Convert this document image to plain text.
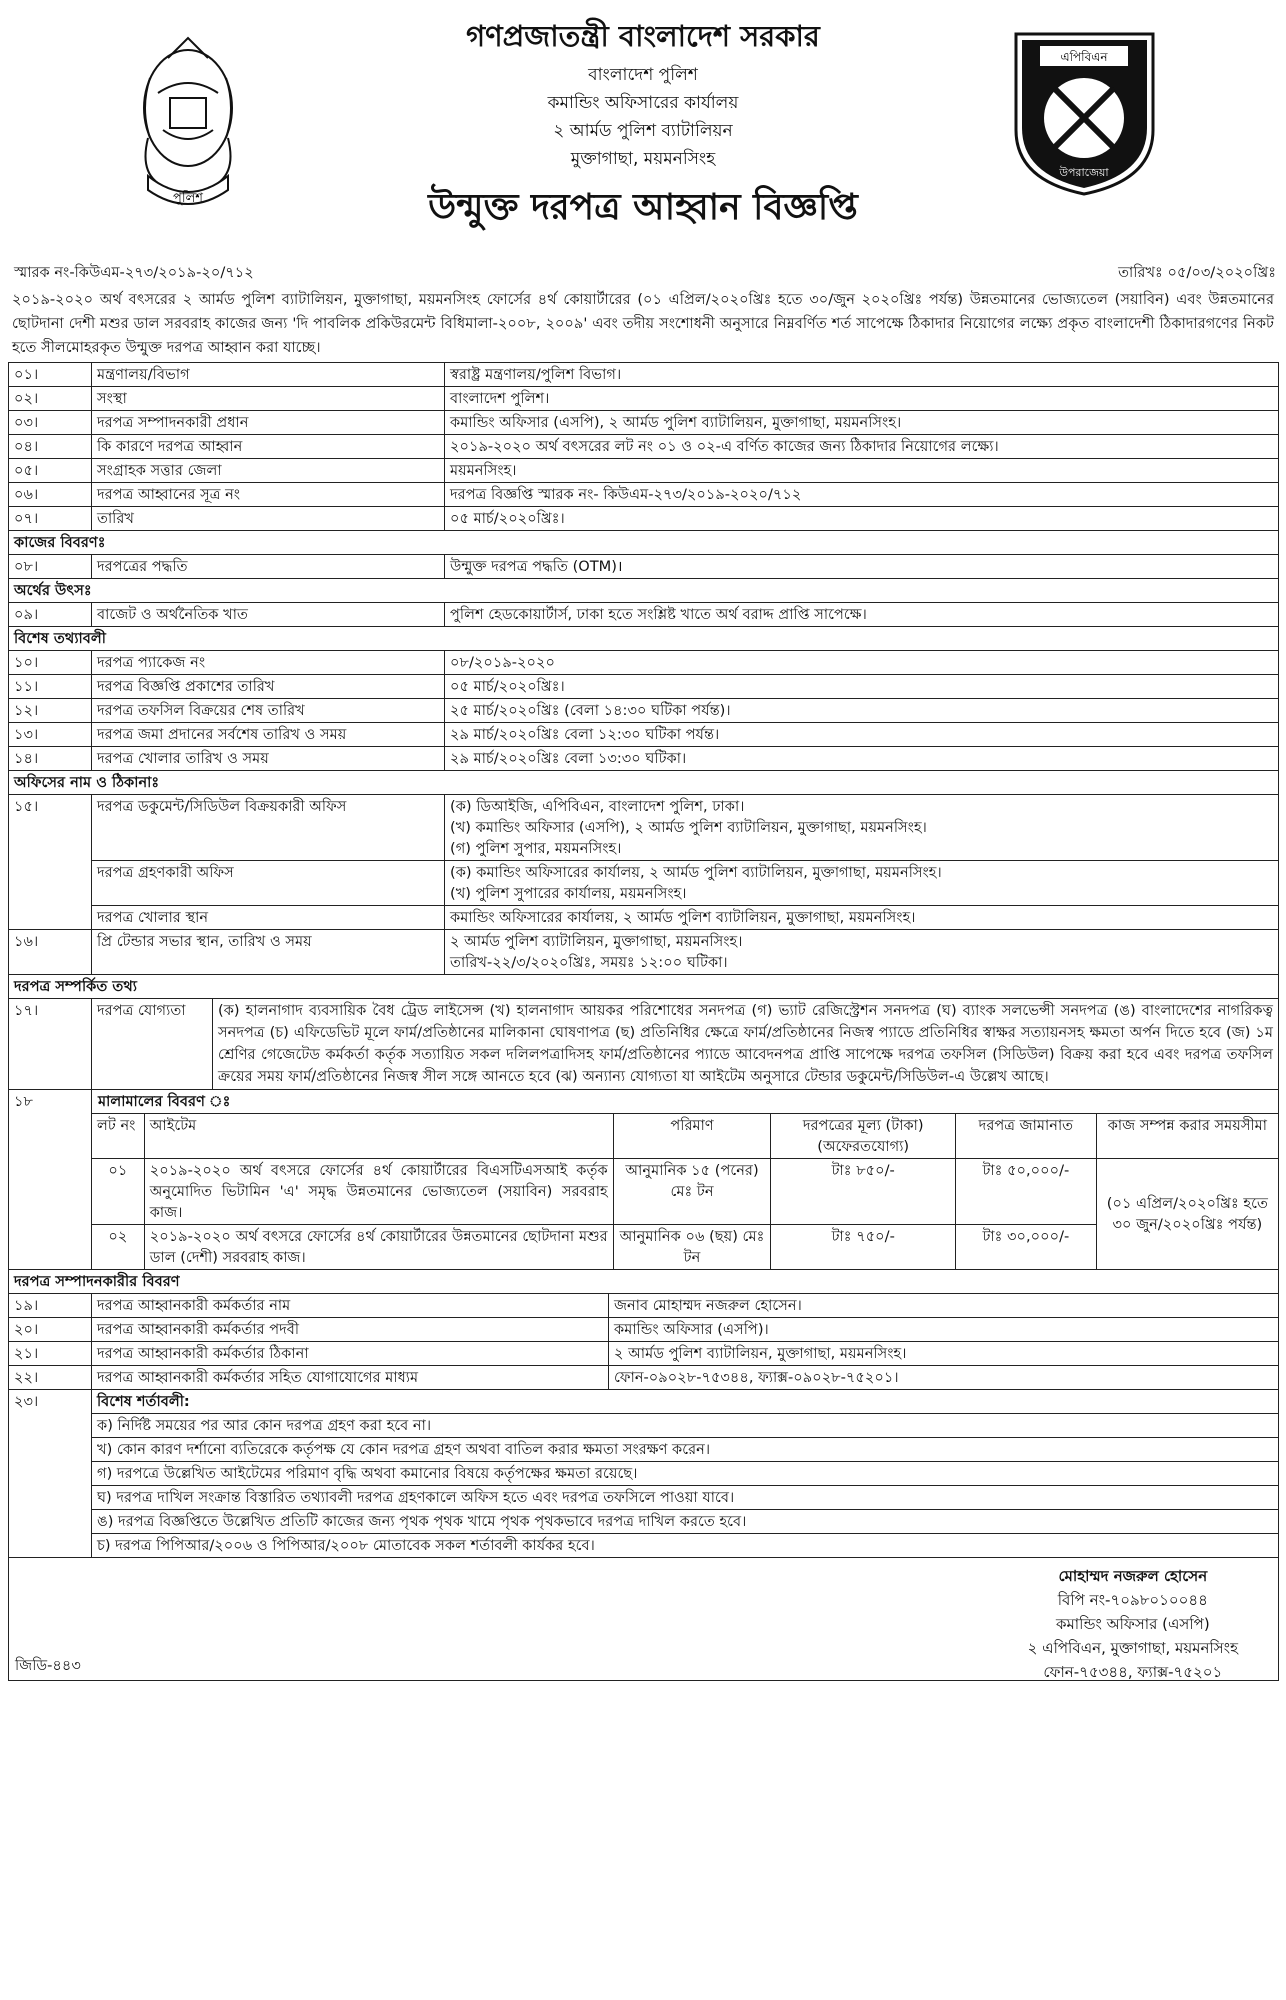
পুলিশ
এপিবিএন
উপরাজেয়া
গণপ্রজাতন্ত্রী বাংলাদেশ সরকার
বাংলাদেশ পুলিশ
কমান্ডিং অফিসারের কার্যালয়
২ আর্মড পুলিশ ব্যাটালিয়ন
মুক্তাগাছা, ময়মনসিংহ
উন্মুক্ত দরপত্র আহ্বান বিজ্ঞপ্তি
স্মারক নং-কিউএম-২৭৩/২০১৯-২০/৭১২	তারিখঃ ০৫/০৩/২০২০খ্রিঃ
২০১৯-২০২০ অর্থ বৎসরের ২ আর্মড পুলিশ ব্যাটালিয়ন, মুক্তাগাছা, ময়মনসিংহ ফোর্সের ৪র্থ কোয়ার্টারের (০১ এপ্রিল/২০২০খ্রিঃ হতে ৩০/জুন ২০২০খ্রিঃ পর্যন্ত) উন্নতমানের ভোজ্যতেল (সয়াবিন) এবং উন্নতমানের ছোটদানা দেশী মশুর ডাল সরবরাহ কাজের জন্য 'দি পাবলিক প্রকিউরমেন্ট বিধিমালা-২০০৮, ২০০৯' এবং তদীয় সংশোধনী অনুসারে নিম্নবর্ণিত শর্ত সাপেক্ষে ঠিকাদার নিয়োগের লক্ষ্যে প্রকৃত বাংলাদেশী ঠিকাদারগণের নিকট হতে সীলমোহরকৃত উন্মুক্ত দরপত্র আহ্বান করা যাচ্ছে।
০১।	মন্ত্রণালয়/বিভাগ	স্বরাষ্ট্র মন্ত্রণালয়/পুলিশ বিভাগ।
০২।	সংস্থা	বাংলাদেশ পুলিশ।
০৩।	দরপত্র সম্পাদনকারী প্রধান	কমান্ডিং অফিসার (এসপি), ২ আর্মড পুলিশ ব্যাটালিয়ন, মুক্তাগাছা, ময়মনসিংহ।
০৪।	কি কারণে দরপত্র আহ্বান	২০১৯-২০২০ অর্থ বৎসরের লট নং ০১ ও ০২-এ বর্ণিত কাজের জন্য ঠিকাদার নিয়োগের লক্ষ্যে।
০৫।	সংগ্রাহক সত্তার জেলা	ময়মনসিংহ।
০৬।	দরপত্র আহ্বানের সূত্র নং	দরপত্র বিজ্ঞপ্তি স্মারক নং- কিউএম-২৭৩/২০১৯-২০২০/৭১২
০৭।	তারিখ	০৫ মার্চ/২০২০খ্রিঃ।
কাজের বিবরণঃ
০৮।	দরপত্রের পদ্ধতি	উন্মুক্ত দরপত্র পদ্ধতি (OTM)।
অর্থের উৎসঃ
০৯।	বাজেট ও অর্থনৈতিক খাত	পুলিশ হেডকোয়ার্টার্স, ঢাকা হতে সংশ্লিষ্ট খাতে অর্থ বরাদ্দ প্রাপ্তি সাপেক্ষে।
বিশেষ তথ্যাবলী
১০।	দরপত্র প্যাকেজ নং	০৮/২০১৯-২০২০
১১।	দরপত্র বিজ্ঞপ্তি প্রকাশের তারিখ	০৫ মার্চ/২০২০খ্রিঃ।
১২।	দরপত্র তফসিল বিক্রয়ের শেষ তারিখ	২৫ মার্চ/২০২০খ্রিঃ (বেলা ১৪:৩০ ঘটিকা পর্যন্ত)।
১৩।	দরপত্র জমা প্রদানের সর্বশেষ তারিখ ও সময়	২৯ মার্চ/২০২০খ্রিঃ বেলা ১২:৩০ ঘটিকা পর্যন্ত।
১৪।	দরপত্র খোলার তারিখ ও সময়	২৯ মার্চ/২০২০খ্রিঃ বেলা ১৩:৩০ ঘটিকা।
অফিসের নাম ও ঠিকানাঃ
১৫।	দরপত্র ডকুমেন্ট/সিডিউল বিক্রয়কারী অফিস	(ক) ডিআইজি, এপিবিএন, বাংলাদেশ পুলিশ, ঢাকা।
(খ) কমান্ডিং অফিসার (এসপি), ২ আর্মড পুলিশ ব্যাটালিয়ন, মুক্তাগাছা, ময়মনসিংহ।
(গ) পুলিশ সুপার, ময়মনসিংহ।

দরপত্র গ্রহণকারী অফিস	(ক) কমান্ডিং অফিসারের কার্যালয়, ২ আর্মড পুলিশ ব্যাটালিয়ন, মুক্তাগাছা, ময়মনসিংহ।
(খ) পুলিশ সুপারের কার্যালয়, ময়মনসিংহ।

দরপত্র খোলার স্থান	কমান্ডিং অফিসারের কার্যালয়, ২ আর্মড পুলিশ ব্যাটালিয়ন, মুক্তাগাছা, ময়মনসিংহ।
১৬।	প্রি টেন্ডার সভার স্থান, তারিখ ও সময়	২ আর্মড পুলিশ ব্যাটালিয়ন, মুক্তাগাছা, ময়মনসিংহ।
তারিখ-২২/৩/২০২০খ্রিঃ, সময়ঃ ১২:০০ ঘটিকা।

দরপত্র সম্পর্কিত তথ্য
১৭।		দরপত্র যোগ্যতা	(ক) হালনাগাদ ব্যবসায়িক বৈধ ট্রেড লাইসেন্স (খ) হালনাগাদ আয়কর পরিশোধের সনদপত্র (গ) ভ্যাট রেজিস্ট্রেশন সনদপত্র (ঘ) ব্যাংক সলভেন্সী সনদপত্র (ঙ) বাংলাদেশের নাগরিকত্ব সনদপত্র (চ) এফিডেভিট মূলে ফার্ম/প্রতিষ্ঠানের মালিকানা ঘোষণাপত্র (ছ) প্রতিনিধির ক্ষেত্রে ফার্ম/প্রতিষ্ঠানের নিজস্ব প্যাডে প্রতিনিধির স্বাক্ষর সত্যায়নসহ ক্ষমতা অর্পন দিতে হবে (জ) ১ম শ্রেণির গেজেটেড কর্মকর্তা কর্তৃক সত্যায়িত সকল দলিলপত্রাদিসহ ফার্ম/প্রতিষ্ঠানের প্যাডে আবেদনপত্র প্রাপ্তি সাপেক্ষে দরপত্র তফসিল (সিডিউল) বিক্রয় করা হবে এবং দরপত্র তফসিল ক্রয়ের সময় ফার্ম/প্রতিষ্ঠানের নিজস্ব সীল সঙ্গে আনতে হবে (ঝ) অন্যান্য যোগ্যতা যা আইটেম অনুসারে টেন্ডার ডকুমেন্ট/সিডিউল-এ উল্লেখ আছে।

১৮	মালামালের বিবরণ ঃ
লট নং	আইটেম	পরিমাণ	দরপত্রের মূল্য (টাকা) (অফেরতযোগ্য)	দরপত্র জামানাত	কাজ সম্পন্ন করার সময়সীমা
০১	২০১৯-২০২০ অর্থ বৎসরে ফোর্সের ৪র্থ কোয়ার্টারের বিএসটিএসআই কর্তৃক অনুমোদিত ভিটামিন 'এ' সমৃদ্ধ উন্নতমানের ভোজ্যতেল (সয়াবিন) সরবরাহ কাজ।	আনুমানিক ১৫ (পনের) মেঃ টন	টাঃ ৮৫০/-	টাঃ ৫০,০০০/-	(০১ এপ্রিল/২০২০খ্রিঃ হতে ৩০ জুন/২০২০খ্রিঃ পর্যন্ত)
০২	২০১৯-২০২০ অর্থ বৎসরে ফোর্সের ৪র্থ কোয়ার্টারের উন্নতমানের ছোটদানা মশুর ডাল (দেশী) সরবরাহ কাজ।	আনুমানিক ০৬ (ছয়) মেঃ টন	টাঃ ৭৫০/-	টাঃ ৩০,০০০/-

দরপত্র সম্পাদনকারীর বিবরণ
১৯।	দরপত্র আহ্বানকারী কর্মকর্তার নাম	জনাব মোহাম্মদ নজরুল হোসেন।
২০।	দরপত্র আহ্বানকারী কর্মকর্তার পদবী	কমান্ডিং অফিসার (এসপি)।
২১।	দরপত্র আহ্বানকারী কর্মকর্তার ঠিকানা	২ আর্মড পুলিশ ব্যাটালিয়ন, মুক্তাগাছা, ময়মনসিংহ।
২২।	দরপত্র আহ্বানকারী কর্মকর্তার সহিত যোগাযোগের মাধ্যম	ফোন-০৯০২৮-৭৫৩৪৪, ফ্যাক্স-০৯০২৮-৭৫২০১।
২৩।	বিশেষ শর্তাবলী:
ক) নির্দিষ্ট সময়ের পর আর কোন দরপত্র গ্রহণ করা হবে না।
খ) কোন কারণ দর্শানো ব্যতিরেকে কর্তৃপক্ষ যে কোন দরপত্র গ্রহণ অথবা বাতিল করার ক্ষমতা সংরক্ষণ করেন।
গ) দরপত্রে উল্লেখিত আইটেমের পরিমাণ বৃদ্ধি অথবা কমানোর বিষয়ে কর্তৃপক্ষের ক্ষমতা রয়েছে।
ঘ) দরপত্র দাখিল সংক্রান্ত বিস্তারিত তথ্যাবলী দরপত্র গ্রহণকালে অফিস হতে এবং দরপত্র তফসিলে পাওয়া যাবে।
ঙ) দরপত্র বিজ্ঞপ্তিতে উল্লেখিত প্রতিটি কাজের জন্য পৃথক পৃথক খামে পৃথক পৃথকভাবে দরপত্র দাখিল করতে হবে।
চ) দরপত্র পিপিআর/২০০৬ ও পিপিআর/২০০৮ মোতাবেক সকল শর্তাবলী কার্যকর হবে।

মোহাম্মদ নজরুল হোসেন
বিপি নং-৭০৯৮০১০০৪৪
কমান্ডিং অফিসার (এসপি)
২ এপিবিএন, মুক্তাগাছা, ময়মনসিংহ
ফোন-৭৫৩৪৪, ফ্যাক্স-৭৫২০১
জিডি-৪৪৩
